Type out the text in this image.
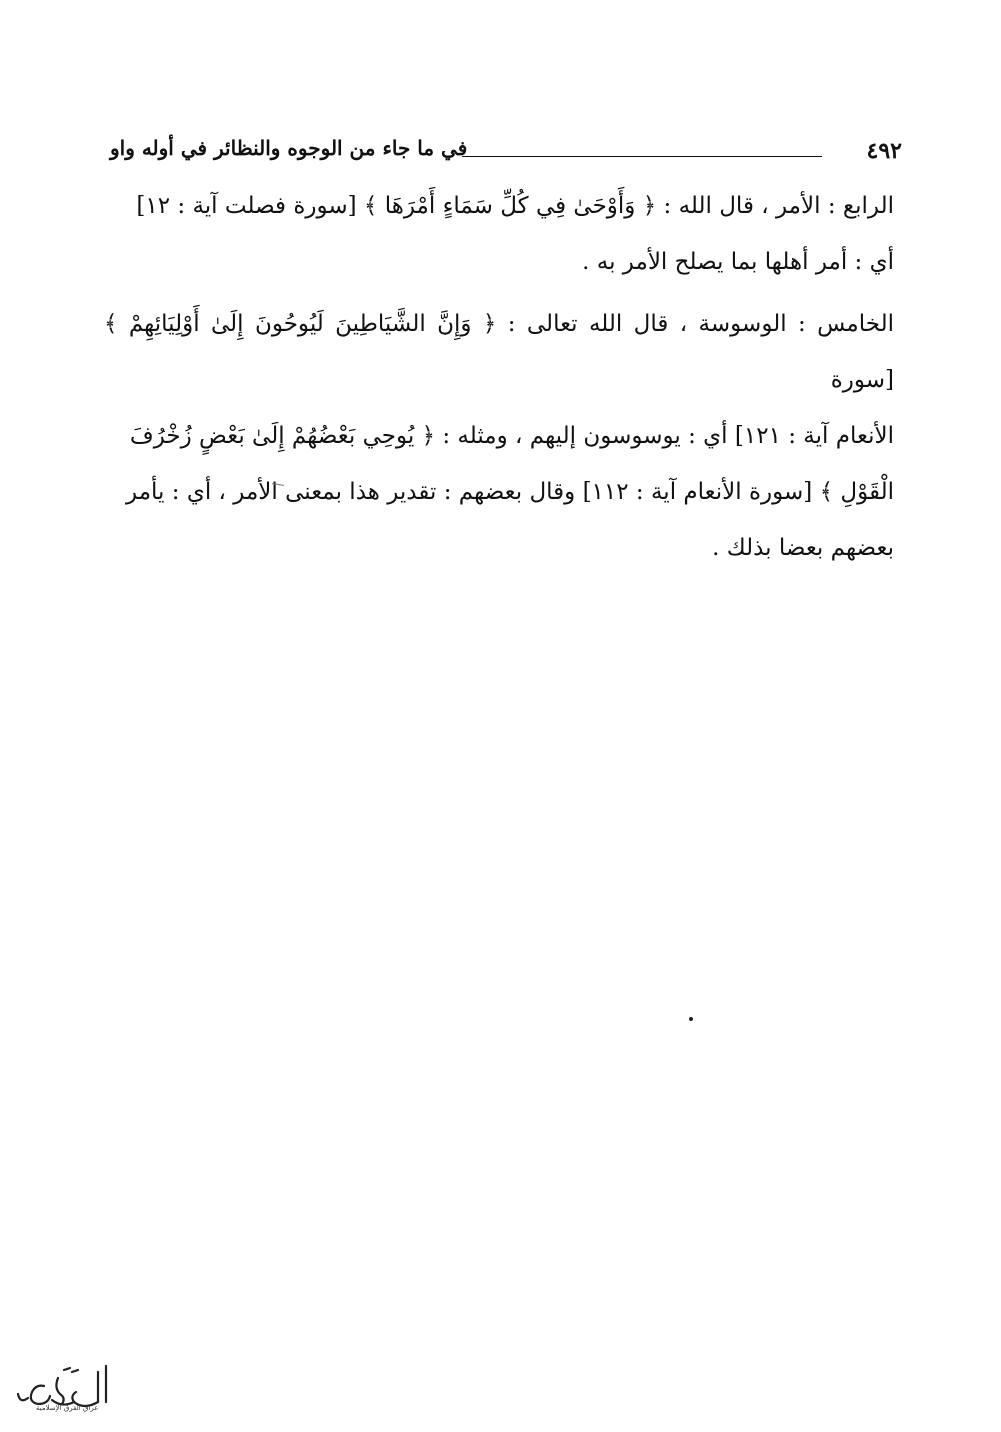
٤٩٢
في ما جاء من الوجوه والنظائر في أوله واو
الرابع : الأمر ، قال الله : ﴿ وَأَوْحَىٰ فِي كُلِّ سَمَاءٍ أَمْرَهَا ﴾ [سورة فصلت آية : ١٢]
أي : أمر أهلها بما يصلح الأمر به .
الخامس : الوسوسة ، قال الله تعالى : ﴿ وَإِنَّ الشَّيَاطِينَ لَيُوحُونَ إِلَىٰ أَوْلِيَائِهِمْ ﴾ [سورة
الأنعام آية : ١٢١] أي : يوسوسون إليهم ، ومثله : ﴿ يُوحِي بَعْضُهُمْ إِلَىٰ بَعْضٍ زُخْرُفَ
الْقَوْلِ ﴾ [سورة الأنعام آية : ١١٢] وقال بعضهم : تقدير هذا بمعنى الأمر ، أي : يأمر
بعضهم بعضا بذلك .
عراق الفرق الإسلامية
